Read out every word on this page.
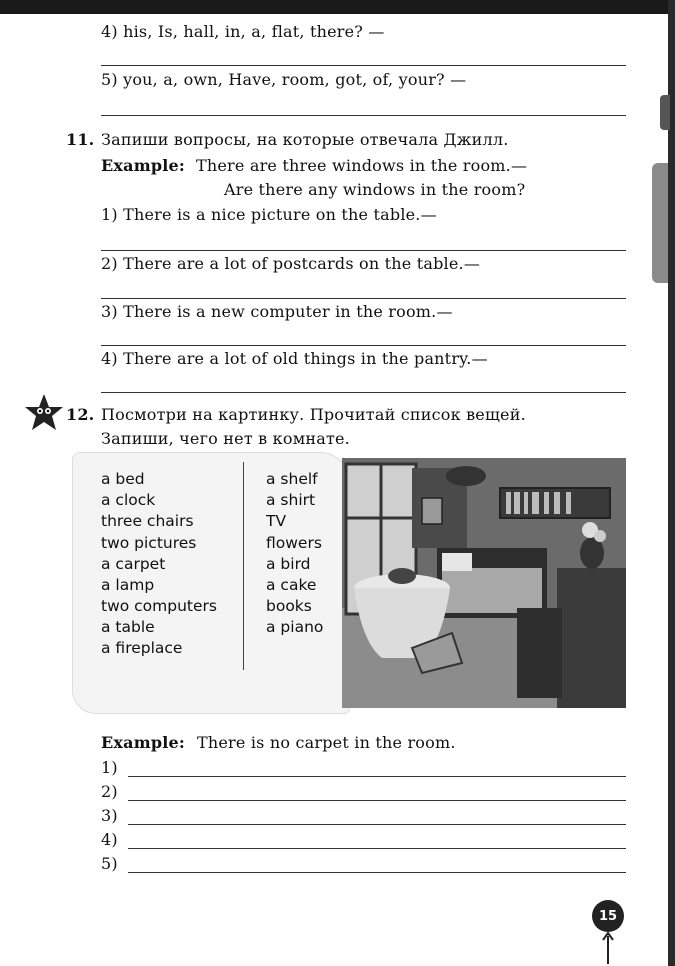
4) his, Is, hall, in, a, flat, there? —
5) you, a, own, Have, room, got, of, your? —
11. Запиши вопросы, на которые отвечала Джилл.
Example: There are three windows in the room.—
Are there any windows in the room?
1) There is a nice picture on the table.—
2) There are a lot of postcards on the table.—
3) There is a new computer in the room.—
4) There are a lot of old things in the pantry.—
12. Посмотри на картинку. Прочитай список вещей.
Запиши, чего нет в комнате.
a bed
a clock
three chairs
two pictures
a carpet
a lamp
two computers
a table
a fireplace
a shelf
a shirt
TV
flowers
a bird
a cake
books
a piano
Example: There is no carpet in the room.
1)
2)
3)
4)
5)
15
